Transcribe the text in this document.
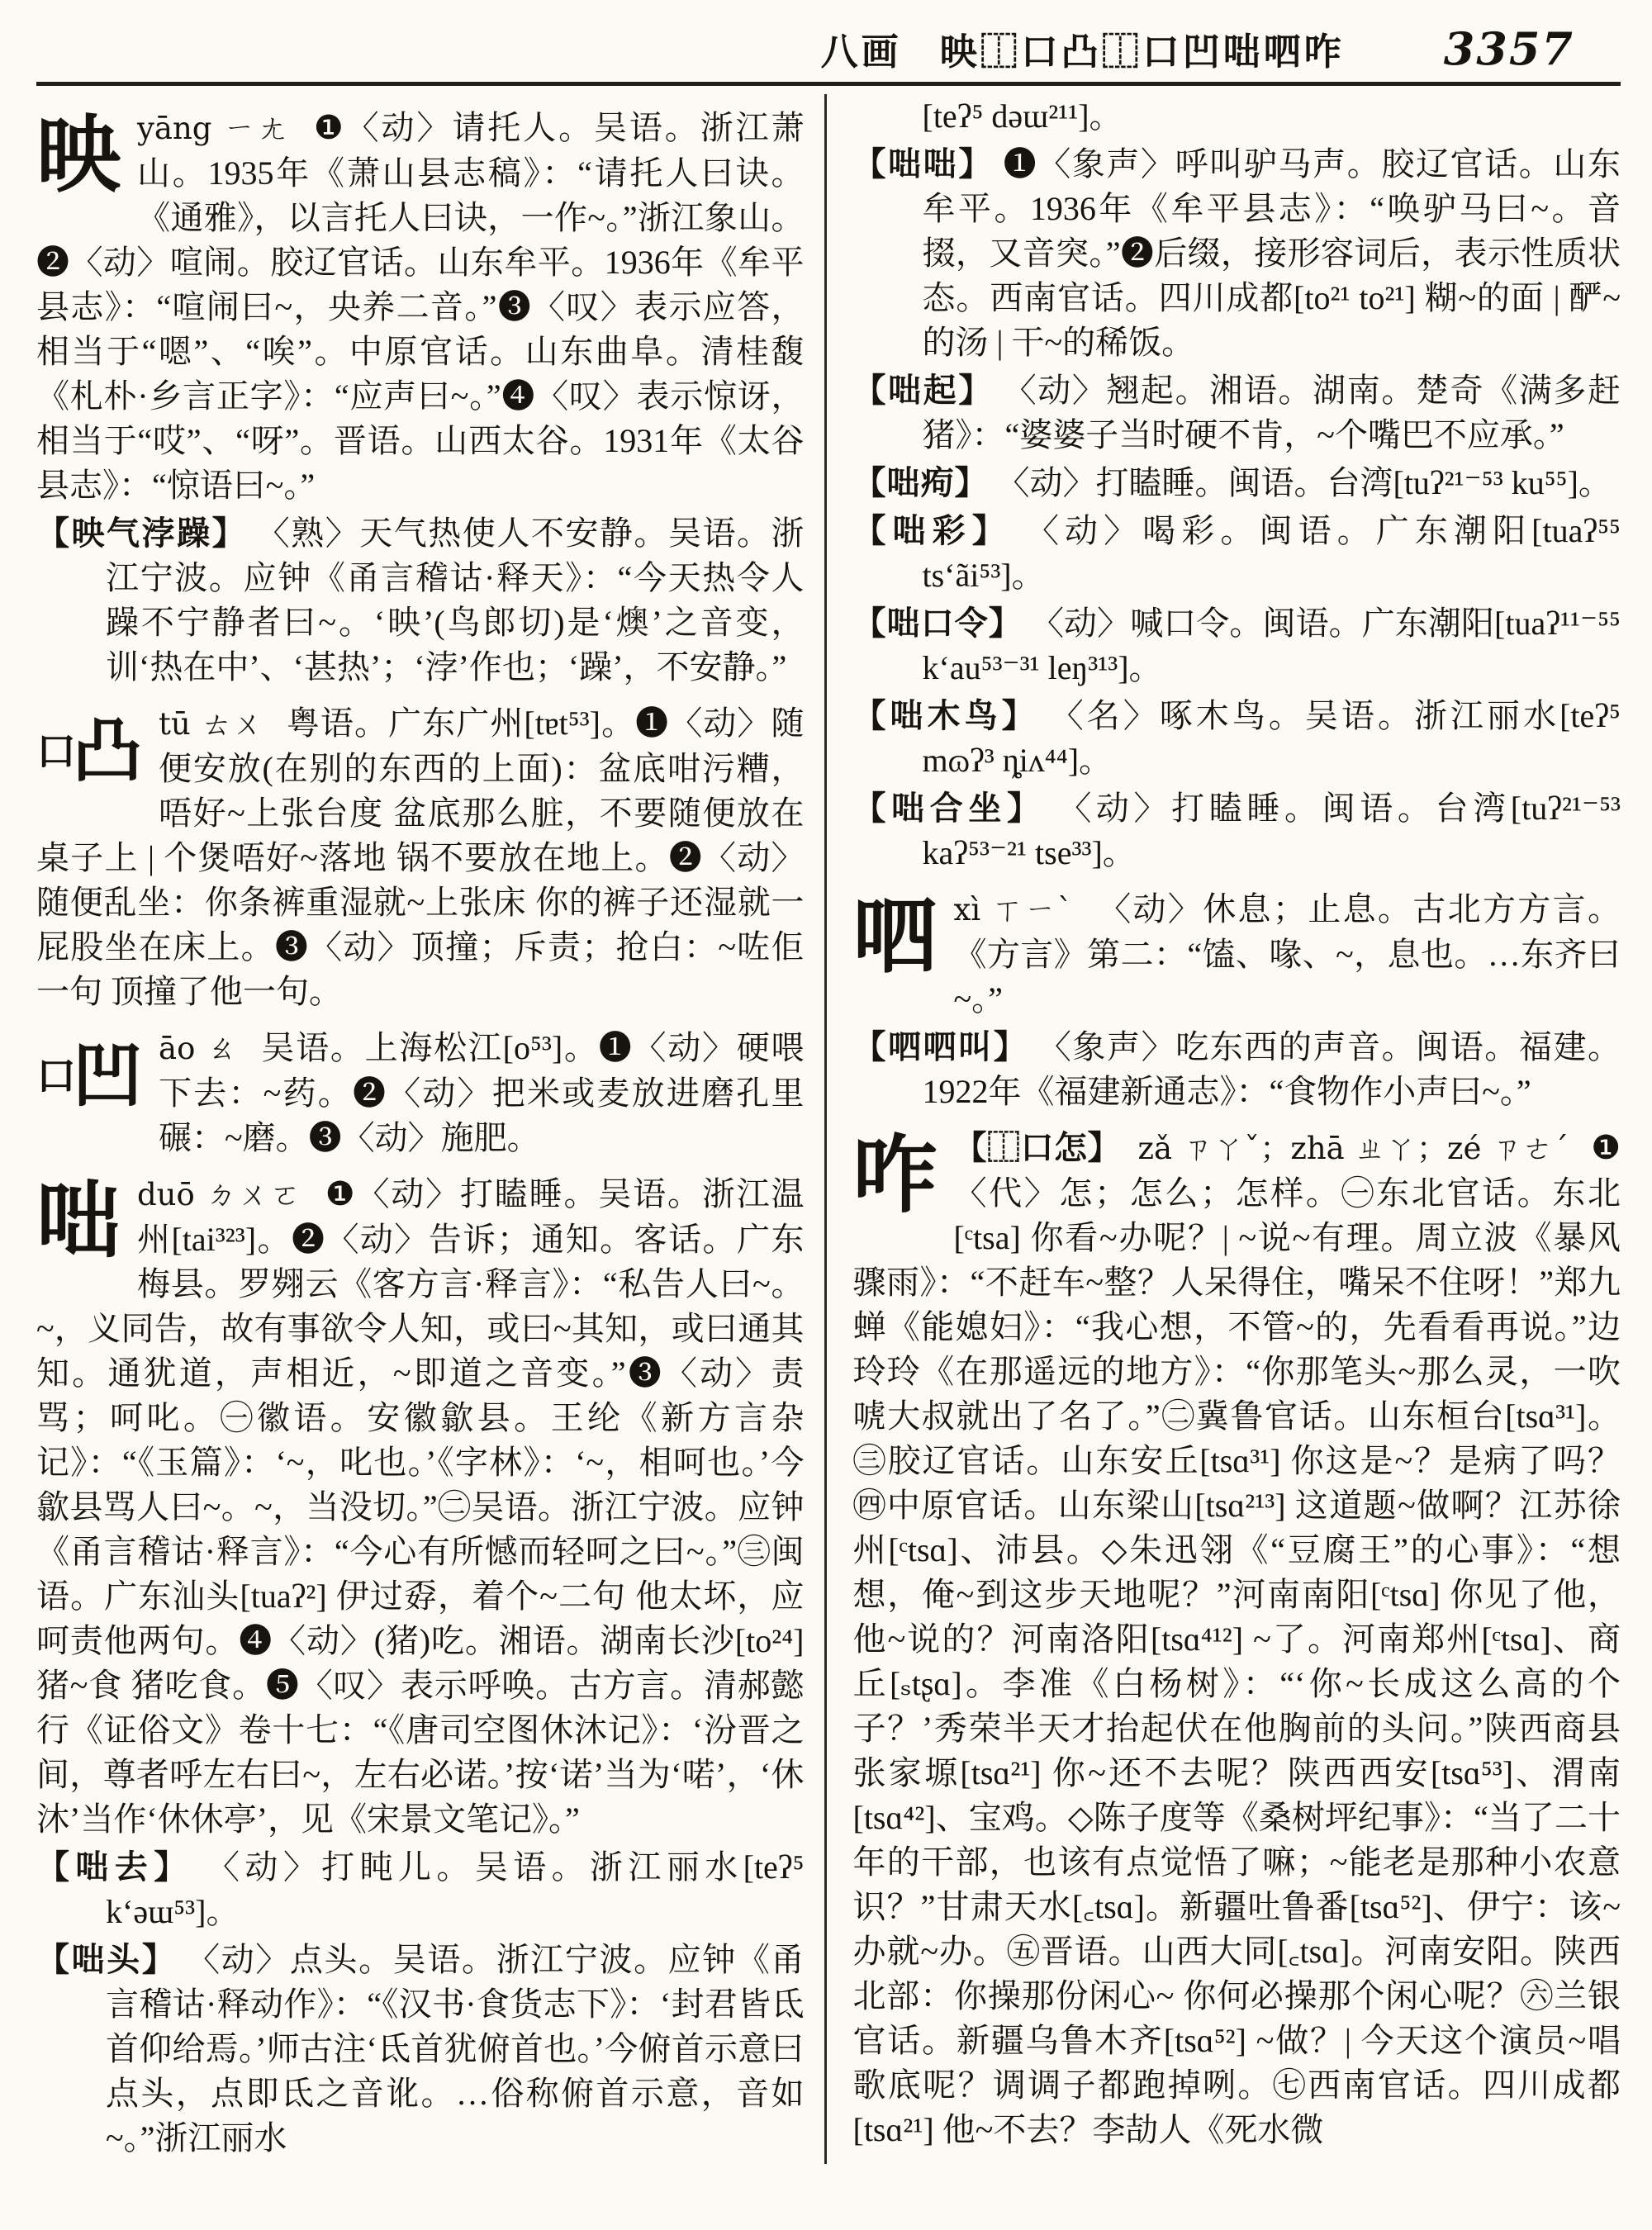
八画 映⿰口凸⿰口凹咄呬咋 3357
映 yāng ㄧㄤ ❶〈动〉请托人。吴语。浙江萧山。1935年《萧山县志稿》：“请托人曰诀。《通雅》，以言托人曰诀，一作~。”浙江象山。❷〈动〉喧闹。胶辽官话。山东牟平。1936年《牟平县志》：“喧闹曰~，央养二音。”❸〈叹〉表示应答，相当于“嗯”、“唉”。中原官话。山东曲阜。清桂馥《札朴·乡言正字》：“应声曰~。”❹〈叹〉表示惊讶，相当于“哎”、“呀”。晋语。山西太谷。1931年《太谷县志》：“惊语曰~。”
【映气浡躁】 〈熟〉天气热使人不安静。吴语。浙江宁波。应钟《甬言稽诂·释天》：“今天热令人躁不宁静者曰~。‘映’(鸟郎切)是‘燠’之音变，训‘热在中’、‘甚热’；‘浡’作也；‘躁’，不安静。”
口
凸 tū ㄊㄨ 粤语。广东广州[tɐt⁵³]。❶〈动〉随便安放(在别的东西的上面)：盆底咁污糟，唔好~上张台度 盆底那么脏，不要随便放在桌子上 | 个煲唔好~落地 锅不要放在地上。❷〈动〉随便乱坐：你条裤重湿就~上张床 你的裤子还湿就一屁股坐在床上。❸〈动〉顶撞；斥责；抢白：~咗佢一句 顶撞了他一句。
口
凹 āo ㄠ 吴语。上海松江[o⁵³]。❶〈动〉硬喂下去：~药。❷〈动〉把米或麦放进磨孔里碾：~磨。❸〈动〉施肥。
咄 duō ㄉㄨㄛ ❶〈动〉打瞌睡。吴语。浙江温州[tai³²³]。❷〈动〉告诉；通知。客话。广东梅县。罗翙云《客方言·释言》：“私告人曰~。~，义同告，故有事欲令人知，或曰~其知，或曰通其知。通犹道，声相近，~即道之音变。”❸〈动〉责骂；呵叱。㊀徽语。安徽歙县。王纶《新方言杂记》：“《玉篇》：‘~，叱也。’《字林》：‘~，相呵也。’今歙县骂人曰~。~，当没切。”㊁吴语。浙江宁波。应钟《甬言稽诂·释言》：“今心有所憾而轻呵之曰~。”㊂闽语。广东汕头[tuaʔ²] 伊过孬，着个~二句 他太坏，应呵责他两句。❹〈动〉(猪)吃。湘语。湖南长沙[to²⁴] 猪~食 猪吃食。❺〈叹〉表示呼唤。古方言。清郝懿行《证俗文》卷十七：“《唐司空图休沐记》：‘汾晋之间，尊者呼左右曰~，左右必诺。’按‘诺’当为‘喏’，‘休沐’当作‘休休亭’，见《宋景文笔记》。”
【咄去】 〈动〉打盹儿。吴语。浙江丽水[teʔ⁵ kʻəɯ⁵³]。
【咄头】 〈动〉点头。吴语。浙江宁波。应钟《甬言稽诂·释动作》：“《汉书·食货志下》：‘封君皆氐首仰给焉。’师古注‘氐首犹俯首也。’今俯首示意曰点头，点即氐之音讹。…俗称俯首示意，音如~。”浙江丽水
[teʔ⁵ dəɯ²¹¹]。
【咄咄】 ❶〈象声〉呼叫驴马声。胶辽官话。山东牟平。1936年《牟平县志》：“唤驴马曰~。音掇，又音突。”❷后缀，接形容词后，表示性质状态。西南官话。四川成都[to²¹ to²¹] 糊~的面 | 酽~的汤 | 干~的稀饭。
【咄起】 〈动〉翘起。湘语。湖南。楚奇《满多赶猪》：“婆婆子当时硬不肯，~个嘴巴不应承。”
【咄痀】 〈动〉打瞌睡。闽语。台湾[tuʔ²¹⁻⁵³ ku⁵⁵]。
【咄彩】 〈动〉喝彩。闽语。广东潮阳[tuaʔ⁵⁵ tsʻãi⁵³]。
【咄口令】 〈动〉喊口令。闽语。广东潮阳[tuaʔ¹¹⁻⁵⁵ kʻau⁵³⁻³¹ leŋ³¹³]。
【咄木鸟】 〈名〉啄木鸟。吴语。浙江丽水[teʔ⁵ mɷʔ³ ȵiʌ⁴⁴]。
【咄合坐】 〈动〉打瞌睡。闽语。台湾[tuʔ²¹⁻⁵³ kaʔ⁵³⁻²¹ tse³³]。
呬 xì ㄒㄧˋ 〈动〉休息；止息。古北方方言。《方言》第二：“馌、喙、~，息也。…东齐曰~。”
【呬呬叫】 〈象声〉吃东西的声音。闽语。福建。1922年《福建新通志》：“食物作小声曰~。”
咋 【⿰口怎】 zǎ ㄗㄚˇ；zhā ㄓㄚ；zé ㄗㄜˊ ❶〈代〉怎；怎么；怎样。㊀东北官话。东北[ᶜtsa] 你看~办呢？| ~说~有理。周立波《暴风骤雨》：“不赶车~整？人呆得住，嘴呆不住呀！”郑九蝉《能媳妇》：“我心想，不管~的，先看看再说。”边玲玲《在那遥远的地方》：“你那笔头~那么灵，一吹唬大叔就出了名了。”㊁冀鲁官话。山东桓台[tsɑ³¹]。㊂胶辽官话。山东安丘[tsɑ³¹] 你这是~？是病了吗？㊃中原官话。山东梁山[tsɑ²¹³] 这道题~做啊？江苏徐州[ᶜtsɑ]、沛县。◇朱迅翎《“豆腐王”的心事》：“想想，俺~到这步天地呢？”河南南阳[ᶜtsɑ] 你见了他，他~说的？河南洛阳[tsɑ⁴¹²] ~了。河南郑州[ᶜtsɑ]、商丘[ₛtʂɑ]。李准《白杨树》：“‘你~长成这么高的个子？’秀荣半天才抬起伏在他胸前的头问。”陕西商县张家塬[tsɑ²¹] 你~还不去呢？陕西西安[tsɑ⁵³]、渭南[tsɑ⁴²]、宝鸡。◇陈子度等《桑树坪纪事》：“当了二十年的干部，也该有点觉悟了嘛；~能老是那种小农意识？”甘肃天水[꜀tsɑ]。新疆吐鲁番[tsɑ⁵²]、伊宁：该~办就~办。㊄晋语。山西大同[꜀tsɑ]。河南安阳。陕西北部：你操那份闲心~ 你何必操那个闲心呢？㊅兰银官话。新疆乌鲁木齐[tsɑ⁵²] ~做？| 今天这个演员~唱歌底呢？调调子都跑掉咧。㊆西南官话。四川成都[tsɑ²¹] 他~不去？李劼人《死水微
